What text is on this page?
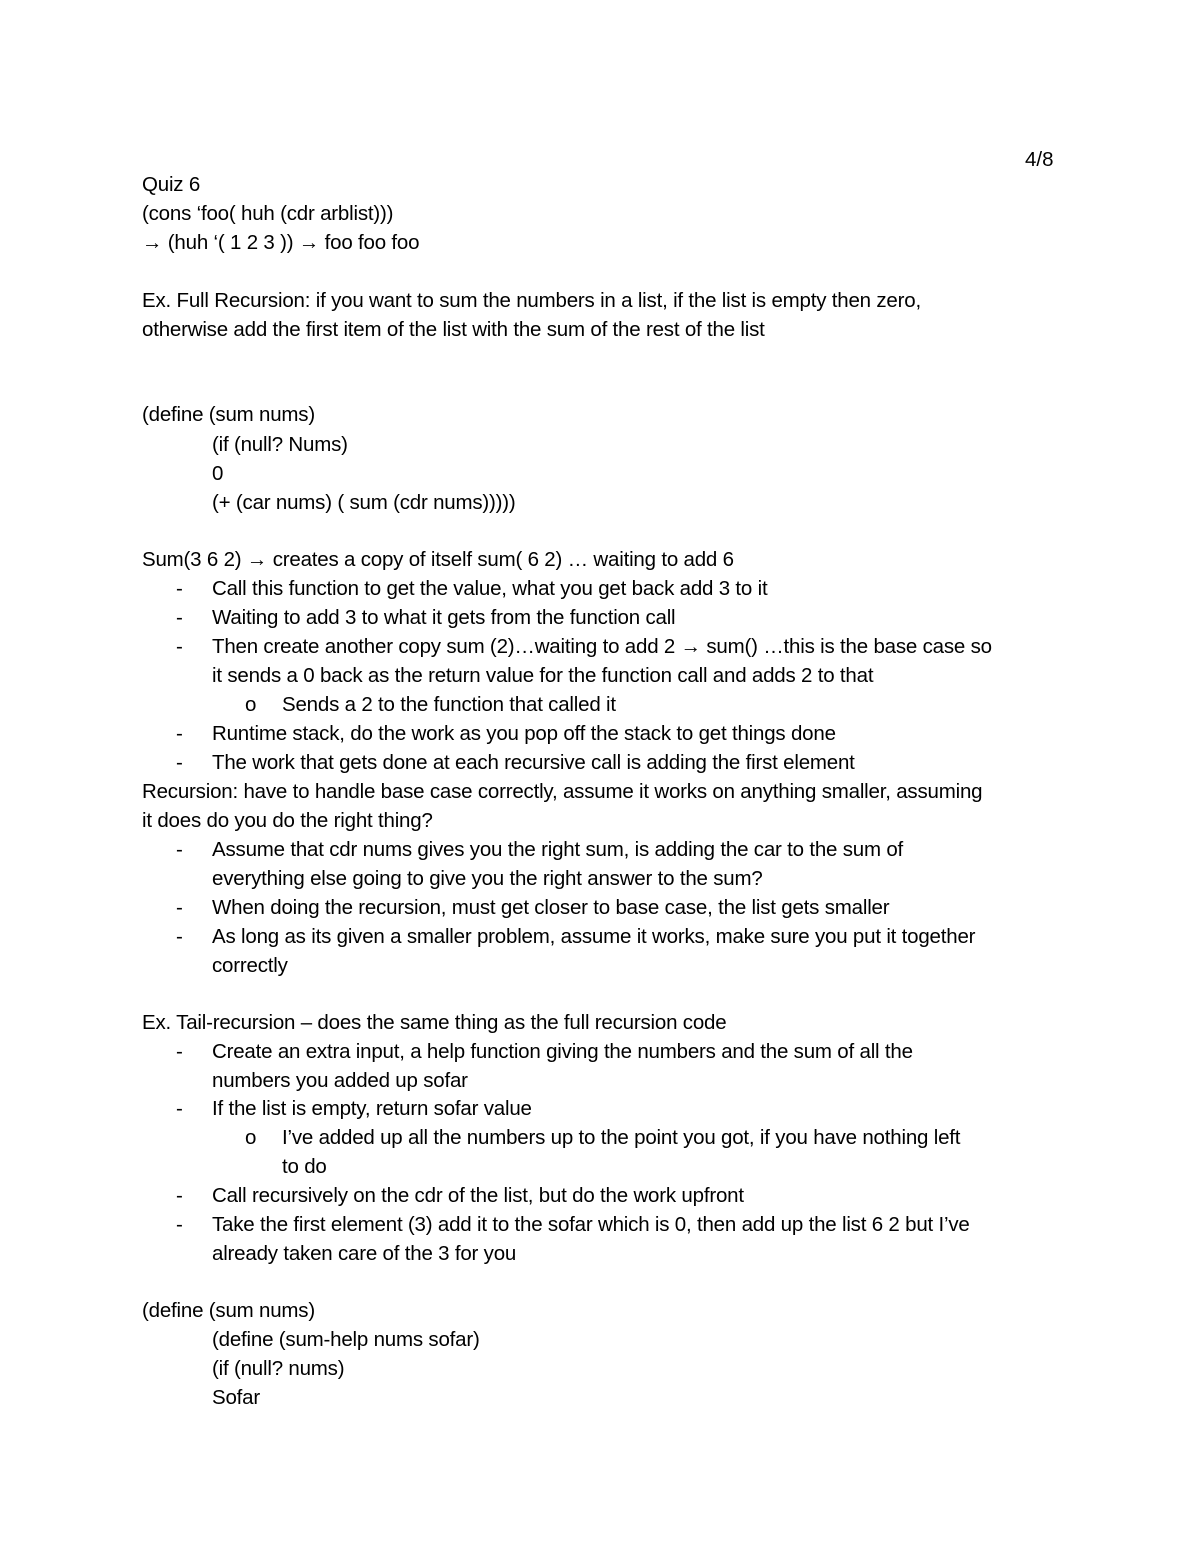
4/8
Quiz 6
(cons ‘foo( huh (cdr arblist)))
→ (huh ‘( 1 2 3 )) → foo foo foo
Ex. Full Recursion: if you want to sum the numbers in a list, if the list is empty then zero,
otherwise add the first item of the list with the sum of the rest of the list
(define (sum nums)
(if (null? Nums)
0
(+ (car nums) ( sum (cdr nums)))))
Sum(3 6 2) → creates a copy of itself sum( 6 2) … waiting to add 6
- Call this function to get the value, what you get back add 3 to it
- Waiting to add 3 to what it gets from the function call
- Then create another copy sum (2)…waiting to add 2 → sum() …this is the base case so
it sends a 0 back as the return value for the function call and adds 2 to that
o Sends a 2 to the function that called it
- Runtime stack, do the work as you pop off the stack to get things done
- The work that gets done at each recursive call is adding the first element
Recursion: have to handle base case correctly, assume it works on anything smaller, assuming
it does do you do the right thing?
- Assume that cdr nums gives you the right sum, is adding the car to the sum of
everything else going to give you the right answer to the sum?
- When doing the recursion, must get closer to base case, the list gets smaller
- As long as its given a smaller problem, assume it works, make sure you put it together
correctly
Ex. Tail-recursion – does the same thing as the full recursion code
- Create an extra input, a help function giving the numbers and the sum of all the
numbers you added up sofar
- If the list is empty, return sofar value
o I’ve added up all the numbers up to the point you got, if you have nothing left
to do
- Call recursively on the cdr of the list, but do the work upfront
- Take the first element (3) add it to the sofar which is 0, then add up the list 6 2 but I’ve
already taken care of the 3 for you
(define (sum nums)
(define (sum-help nums sofar)
(if (null? nums)
Sofar
